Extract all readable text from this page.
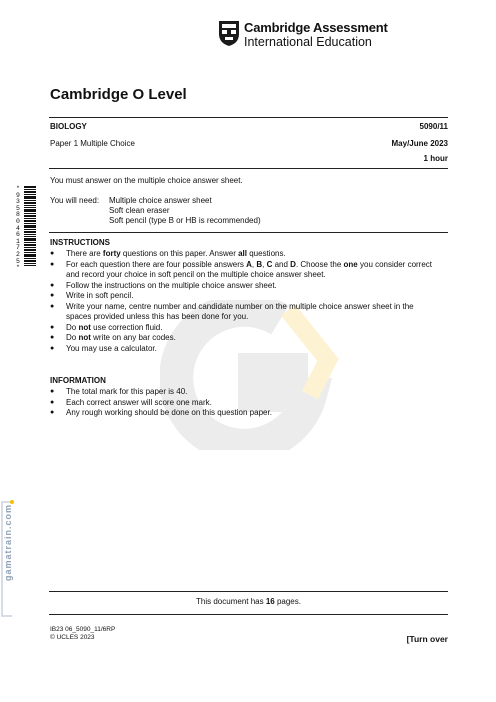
Cambridge Assessment
International Education
Cambridge O Level
BIOLOGY	5090/11
Paper 1 Multiple Choice	May/June 2023
1 hour
* 9 3 5 8 0 4 6 1 7 2 5 *
You must answer on the multiple choice answer sheet.
You will need: Multiple choice answer sheet
Soft clean eraser
Soft pencil (type B or HB is recommended)
INSTRUCTIONS
● There are forty questions on this paper. Answer all questions.
● For each question there are four possible answers A, B, C and D. Choose the one you consider correct
and record your choice in soft pencil on the multiple choice answer sheet.
● Follow the instructions on the multiple choice answer sheet.
● Write in soft pencil.
● Write your name, centre number and candidate number on the multiple choice answer sheet in the
spaces provided unless this has been done for you.
● Do not use correction fluid.
● Do not write on any bar codes.
● You may use a calculator.
INFORMATION
● The total mark for this paper is 40.
● Each correct answer will score one mark.
● Any rough working should be done on this question paper.
gamatrain.com
This document has 16 pages.
IB23 06_5090_11/6RP
© UCLES 2023	[Turn over
